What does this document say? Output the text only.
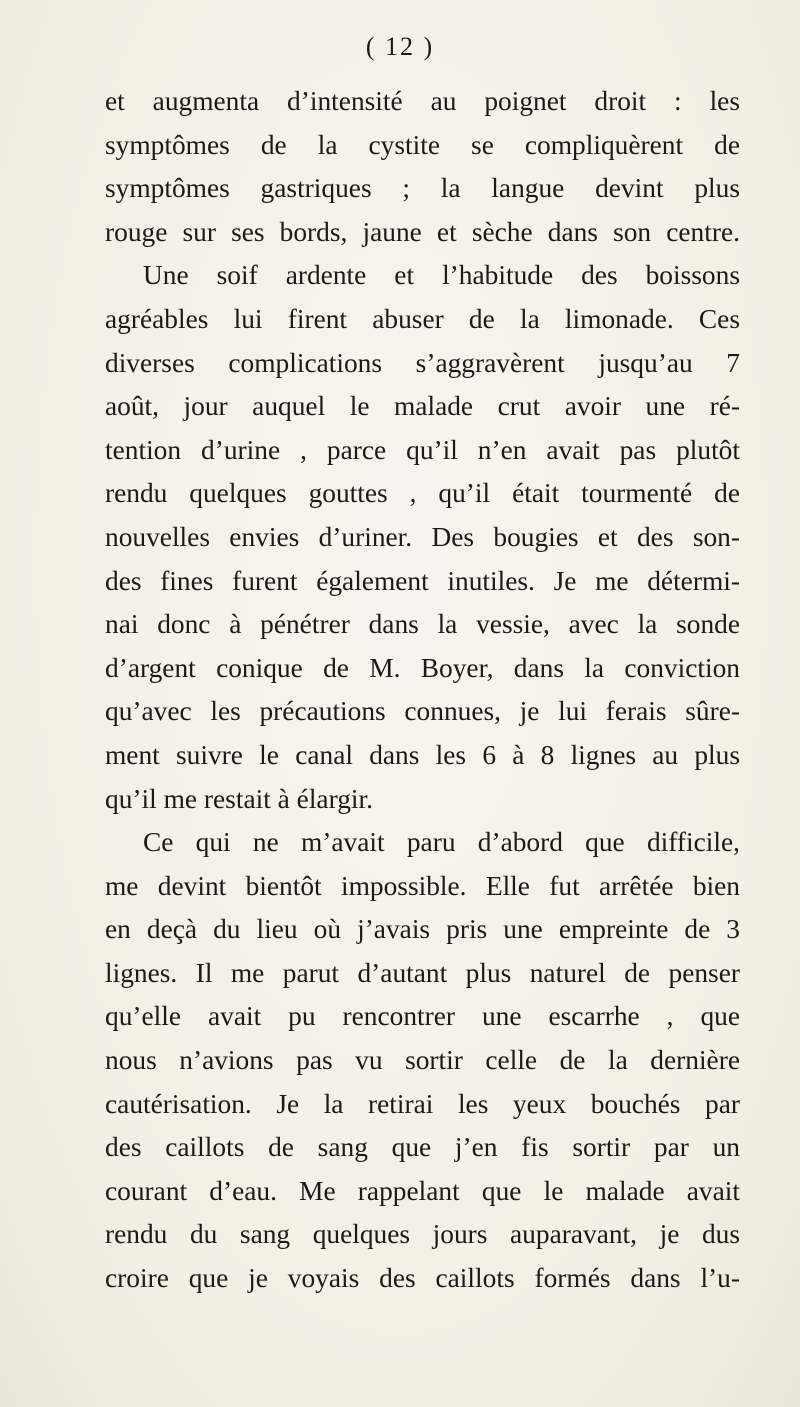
( 12 )
et augmenta d’intensité au poignet droit : les
symptômes de la cystite se compliquèrent de
symptômes gastriques ; la langue devint plus
rouge sur ses bords, jaune et sèche dans son centre.
Une soif ardente et l’habitude des boissons
agréables lui firent abuser de la limonade. Ces
diverses complications s’aggravèrent jusqu’au 7
août, jour auquel le malade crut avoir une ré-
tention d’urine , parce qu’il n’en avait pas plutôt
rendu quelques gouttes , qu’il était tourmenté de
nouvelles envies d’uriner. Des bougies et des son-
des fines furent également inutiles. Je me détermi-
nai donc à pénétrer dans la vessie, avec la sonde
d’argent conique de M. Boyer, dans la conviction
qu’avec les précautions connues, je lui ferais sûre-
ment suivre le canal dans les 6 à 8 lignes au plus
qu’il me restait à élargir.
Ce qui ne m’avait paru d’abord que difficile,
me devint bientôt impossible. Elle fut arrêtée bien
en deçà du lieu où j’avais pris une empreinte de 3
lignes. Il me parut d’autant plus naturel de penser
qu’elle avait pu rencontrer une escarrhe , que
nous n’avions pas vu sortir celle de la dernière
cautérisation. Je la retirai les yeux bouchés par
des caillots de sang que j’en fis sortir par un
courant d’eau. Me rappelant que le malade avait
rendu du sang quelques jours auparavant, je dus
croire que je voyais des caillots formés dans l’u-
